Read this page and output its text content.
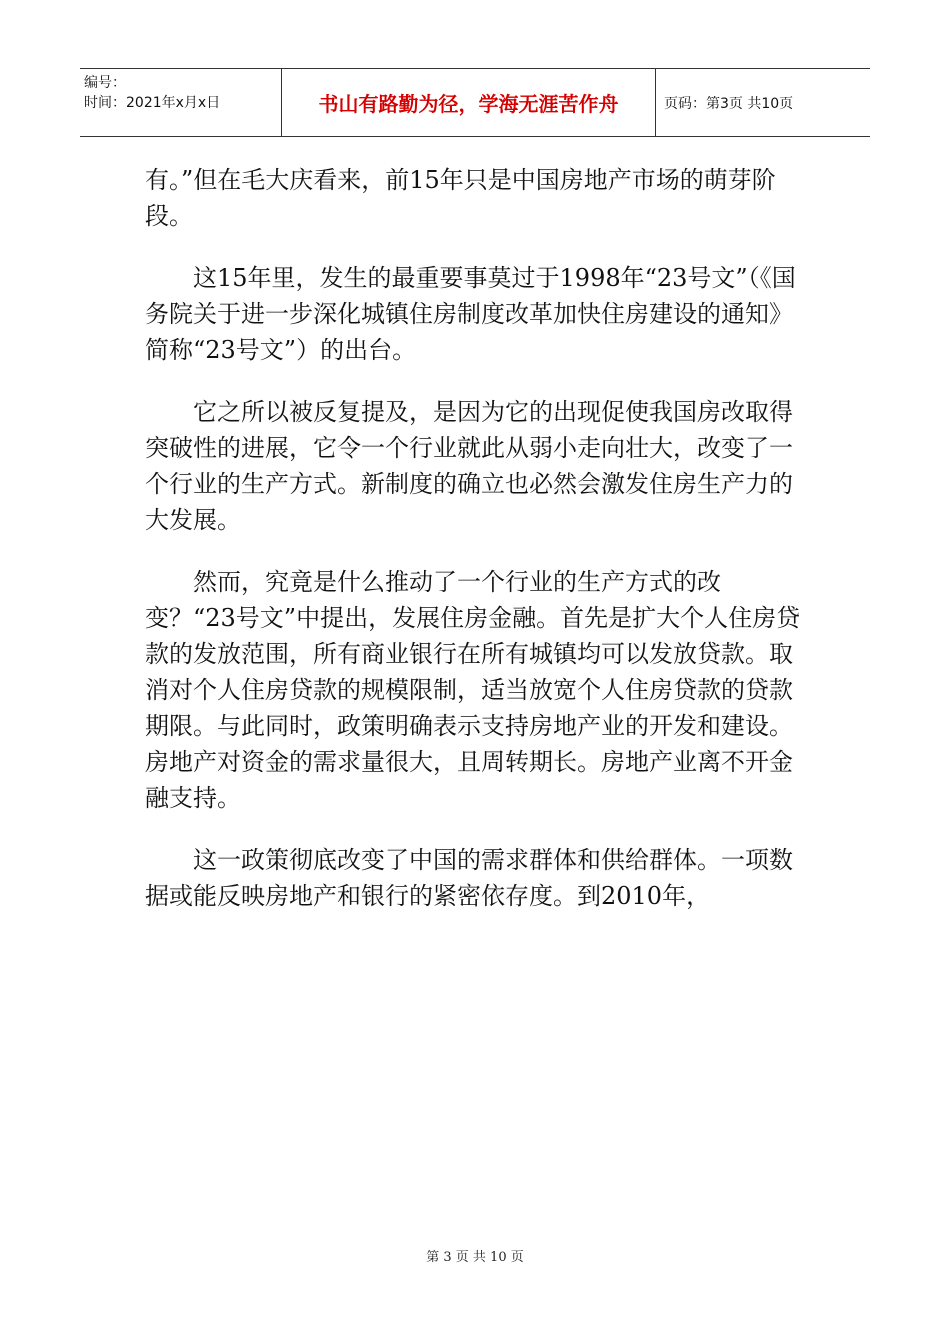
编号：
时间：2021年x月x日	书山有路勤为径，学海无涯苦作舟	页码：第3页 共10页

有。”但在毛大庆看来，前15年只是中国房地产市场的萌芽阶段。

这15年里，发生的最重要事莫过于1998年“23号文”（《国务院关于进一步深化城镇住房制度改革加快住房建设的通知》简称“23号文”）的出台。

它之所以被反复提及，是因为它的出现促使我国房改取得突破性的进展，它令一个行业就此从弱小走向壮大，改变了一个行业的生产方式。新制度的确立也必然会激发住房生产力的大发展。

然而，究竟是什么推动了一个行业的生产方式的改变？“23号文”中提出，发展住房金融。首先是扩大个人住房贷款的发放范围，所有商业银行在所有城镇均可以发放贷款。取消对个人住房贷款的规模限制，适当放宽个人住房贷款的贷款期限。与此同时，政策明确表示支持房地产业的开发和建设。房地产对资金的需求量很大，且周转期长。房地产业离不开金融支持。

这一政策彻底改变了中国的需求群体和供给群体。一项数据或能反映房地产和银行的紧密依存度。到2010年，

第 3 页 共 10 页
